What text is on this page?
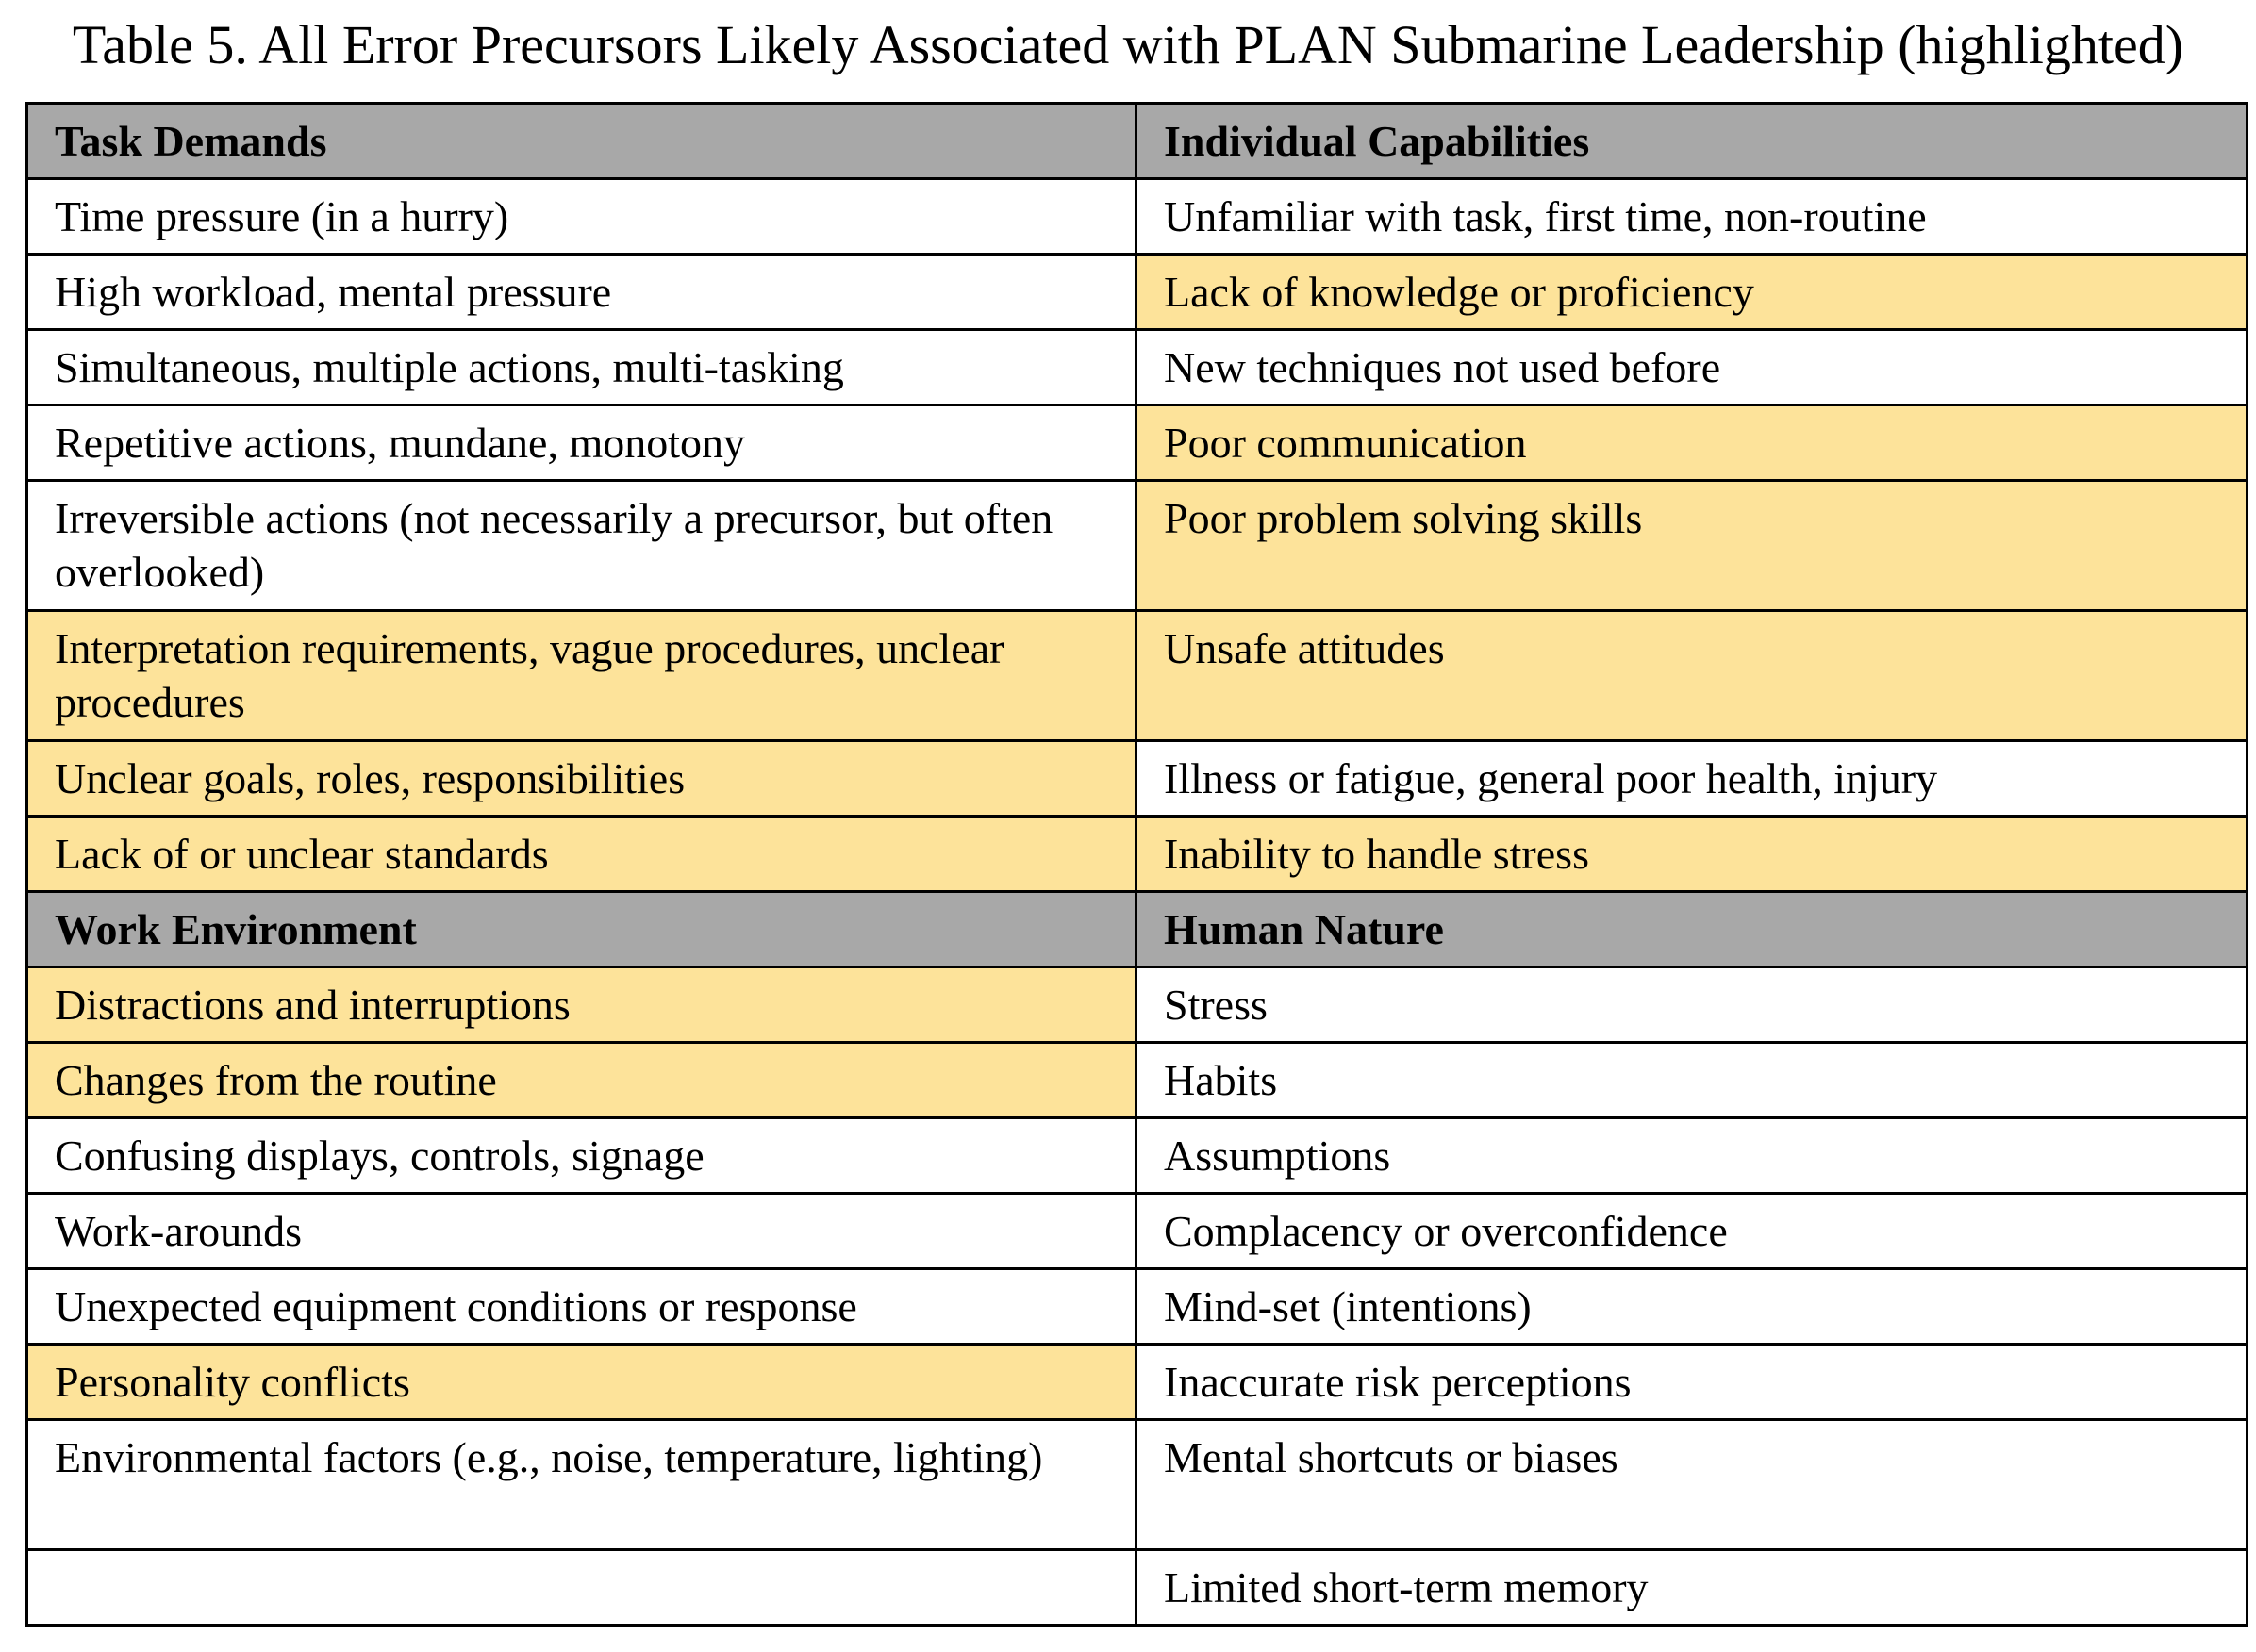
Table 5. All Error Precursors Likely Associated with PLAN Submarine Leadership (highlighted)
Task Demands	Individual Capabilities
Time pressure (in a hurry)	Unfamiliar with task, first time, non-routine
High workload, mental pressure	Lack of knowledge or proficiency
Simultaneous, multiple actions, multi-tasking	New techniques not used before
Repetitive actions, mundane, monotony	Poor communication
Irreversible actions (not necessarily a precursor, but often overlooked)	Poor problem solving skills
Interpretation requirements, vague procedures, unclear procedures	Unsafe attitudes
Unclear goals, roles, responsibilities	Illness or fatigue, general poor health, injury
Lack of or unclear standards	Inability to handle stress
Work Environment	Human Nature
Distractions and interruptions	Stress
Changes from the routine	Habits
Confusing displays, controls, signage	Assumptions
Work-arounds	Complacency or overconfidence
Unexpected equipment conditions or response	Mind-set (intentions)
Personality conflicts	Inaccurate risk perceptions
Environmental factors (e.g., noise, temperature, lighting)	Mental shortcuts or biases
	Limited short-term memory
